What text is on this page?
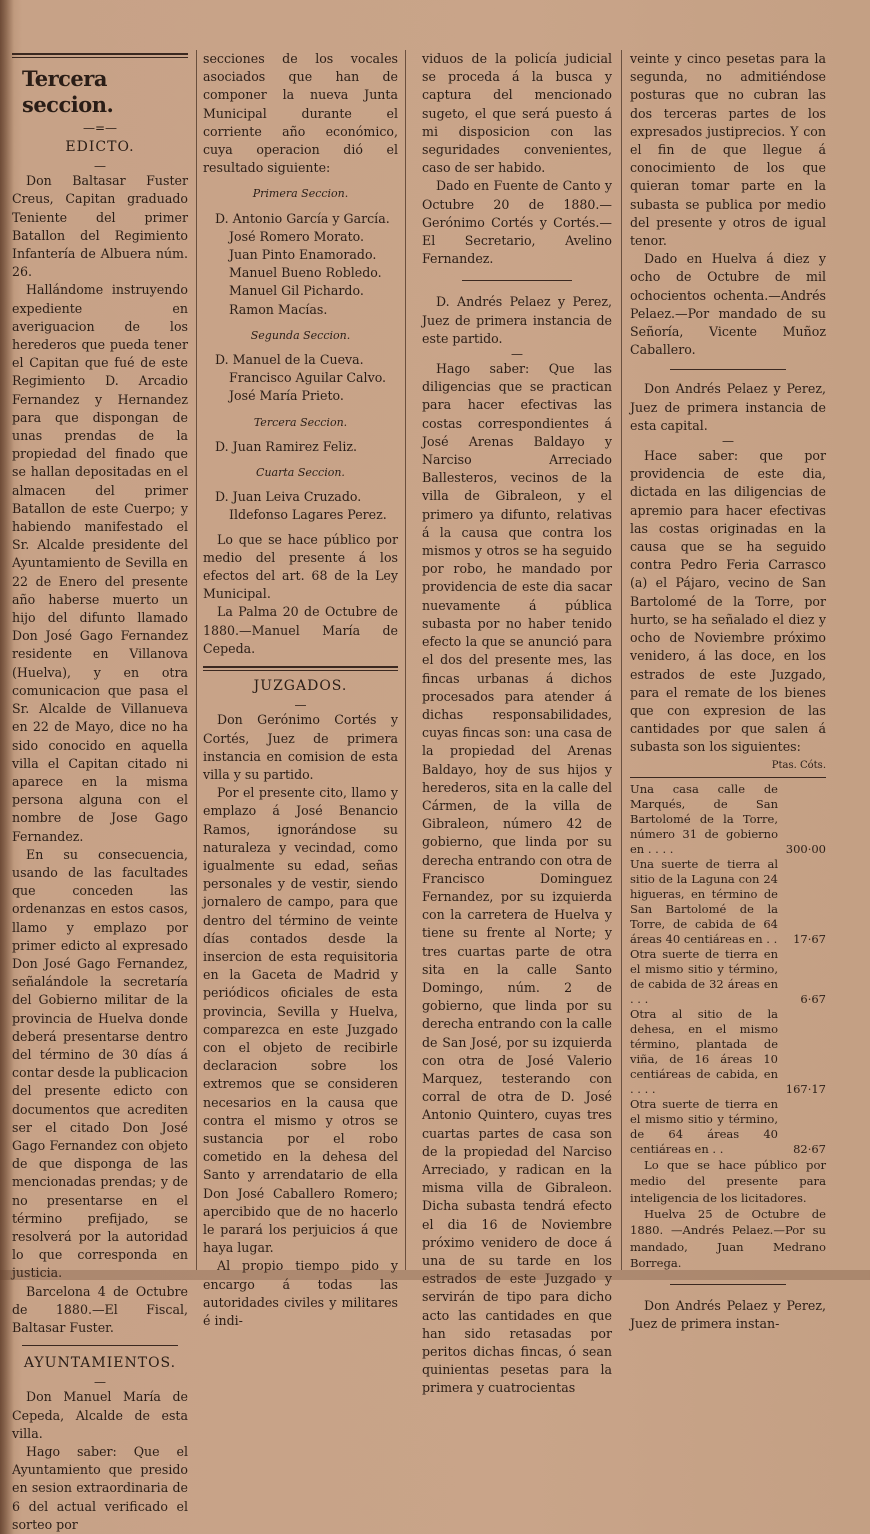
Tercera seccion.
—=—
EDICTO.
—

Don Baltasar Fuster Creus, Capitan graduado Teniente del primer Batallon del Regimiento Infantería de Albuera núm. 26.

Hallándome instruyendo expediente en averiguacion de los herederos que pueda tener el Capitan que fué de este Regimiento D. Arcadio Fernandez y Hernandez para que dispongan de unas prendas de la propiedad del finado que se hallan depositadas en el almacen del primer Batallon de este Cuerpo; y habiendo manifestado el Sr. Alcalde presidente del Ayuntamiento de Sevilla en 22 de Enero del presente año haberse muerto un hijo del difunto llamado Don José Gago Fernandez residente en Villanova (Huelva), y en otra comunicacion que pasa el Sr. Alcalde de Villanueva en 22 de Mayo, dice no ha sido conocido en aquella villa el Capitan citado ni aparece en la misma persona alguna con el nombre de Jose Gago Fernandez.

En su consecuencia, usando de las facultades que conceden las ordenanzas en estos casos, llamo y emplazo por primer edicto al expresado Don José Gago Fernandez, señalándole la secretaría del Gobierno militar de la provincia de Huelva donde deberá presentarse dentro del término de 30 días á contar desde la publicacion del presente edicto con documentos que acrediten ser el citado Don José Gago Fernandez con objeto de que disponga de las mencionadas prendas; y de no presentarse en el término prefijado, se resolverá por la autoridad lo que corresponda en justicia.

Barcelona 4 de Octubre de 1880.—El Fiscal, Baltasar Fuster.

AYUNTAMIENTOS.
—

Don Manuel María de Cepeda, Alcalde de esta villa.

Hago saber: Que el Ayuntamiento que presido en sesion extraordinaria de 6 del actual verificado el sorteo por

secciones de los vocales asociados que han de componer la nueva Junta Municipal durante el corriente año económico, cuya operacion dió el resultado siguiente:

Primera Seccion.

D. Antonio García y García.

José Romero Morato.

Juan Pinto Enamorado.

Manuel Bueno Robledo.

Manuel Gil Pichardo.

Ramon Macías.

Segunda Seccion.

D. Manuel de la Cueva.

Francisco Aguilar Calvo.

José María Prieto.

Tercera Seccion.

D. Juan Ramirez Feliz.

Cuarta Seccion.

D. Juan Leiva Cruzado.

Ildefonso Lagares Perez.

Lo que se hace público por medio del presente á los efectos del art. 68 de la Ley Municipal.

La Palma 20 de Octubre de 1880.—Manuel María de Cepeda.

JUZGADOS.
—

Don Gerónimo Cortés y Cortés, Juez de primera instancia en comision de esta villa y su partido.

Por el presente cito, llamo y emplazo á José Benancio Ramos, ignorándose su naturaleza y vecindad, como igualmente su edad, señas personales y de vestir, siendo jornalero de campo, para que dentro del término de veinte días contados desde la insercion de esta requisitoria en la Gaceta de Madrid y periódicos oficiales de esta provincia, Sevilla y Huelva, comparezca en este Juzgado con el objeto de recibirle declaracion sobre los extremos que se consideren necesarios en la causa que contra el mismo y otros se sustancia por el robo cometido en la dehesa del Santo y arrendatario de ella Don José Caballero Romero; apercibido que de no hacerlo le parará los perjuicios á que haya lugar.

Al propio tiempo pido y encargo á todas las autoridades civiles y militares é indi-

viduos de la policía judicial se proceda á la busca y captura del mencionado sugeto, el que será puesto á mi disposicion con las seguridades convenientes, caso de ser habido.

Dado en Fuente de Canto y Octubre 20 de 1880.—Gerónimo Cortés y Cortés.—El Secretario, Avelino Fernandez.

D. Andrés Pelaez y Perez, Juez de primera instancia de este partido.

—

Hago saber: Que las diligencias que se practican para hacer efectivas las costas correspondientes á José Arenas Baldayo y Narciso Arreciado Ballesteros, vecinos de la villa de Gibraleon, y el primero ya difunto, relativas á la causa que contra los mismos y otros se ha seguido por robo, he mandado por providencia de este dia sacar nuevamente á pública subasta por no haber tenido efecto la que se anunció para el dos del presente mes, las fincas urbanas á dichos procesados para atender á dichas responsabilidades, cuyas fincas son: una casa de la propiedad del Arenas Baldayo, hoy de sus hijos y herederos, sita en la calle del Cármen, de la villa de Gibraleon, número 42 de gobierno, que linda por su derecha entrando con otra de Francisco Dominguez Fernandez, por su izquierda con la carretera de Huelva y tiene su frente al Norte; y tres cuartas parte de otra sita en la calle Santo Domingo, núm. 2 de gobierno, que linda por su derecha entrando con la calle de San José, por su izquierda con otra de José Valerio Marquez, testerando con corral de otra de D. José Antonio Quintero, cuyas tres cuartas partes de casa son de la propiedad del Narciso Arreciado, y radican en la misma villa de Gibraleon. Dicha subasta tendrá efecto el dia 16 de Noviembre próximo venidero de doce á una de su tarde en los estrados de este Juzgado y servirán de tipo para dicho acto las cantidades en que han sido retasadas por peritos dichas fincas, ó sean quinientas pesetas para la primera y cuatrocientas

veinte y cinco pesetas para la segunda, no admitiéndose posturas que no cubran las dos terceras partes de los expresados justiprecios. Y con el fin de que llegue á conocimiento de los que quieran tomar parte en la subasta se publica por medio del presente y otros de igual tenor.

Dado en Huelva á diez y ocho de Octubre de mil ochocientos ochenta.—Andrés Pelaez.—Por mandado de su Señoría, Vicente Muñoz Caballero.

Don Andrés Pelaez y Perez, Juez de primera instancia de esta capital.

—

Hace saber: que por providencia de este dia, dictada en las diligencias de apremio para hacer efectivas las costas originadas en la causa que se ha seguido contra Pedro Feria Carrasco (a) el Pájaro, vecino de San Bartolomé de la Torre, por hurto, se ha señalado el diez y ocho de Noviembre próximo venidero, á las doce, en los estrados de este Juzgado, para el remate de los bienes que con expresion de las cantidades por que salen á subasta son los siguientes:

Ptas. Cóts.
Una casa calle de Marqués, de San Bartolomé de la Torre, número 31 de gobierno en . . . .	300·00
Una suerte de tierra al sitio de la Laguna con 24 higueras, en término de San Bartolomé de la Torre, de cabida de 64 áreas 40 centiáreas en . .	17·67
Otra suerte de tierra en el mismo sitio y término, de cabida de 32 áreas en . . .	6·67
Otra al sitio de la dehesa, en el mismo término, plantada de viña, de 16 áreas 10 centiáreas de cabida, en . . . .	167·17
Otra suerte de tierra en el mismo sitio y término, de 64 áreas 40 centiáreas en . .	82·67

Lo que se hace público por medio del presente para inteligencia de los licitadores.

Huelva 25 de Octubre de 1880. —Andrés Pelaez.—Por su mandado, Juan Medrano Borrega.

Don Andrés Pelaez y Perez, Juez de primera instan-
